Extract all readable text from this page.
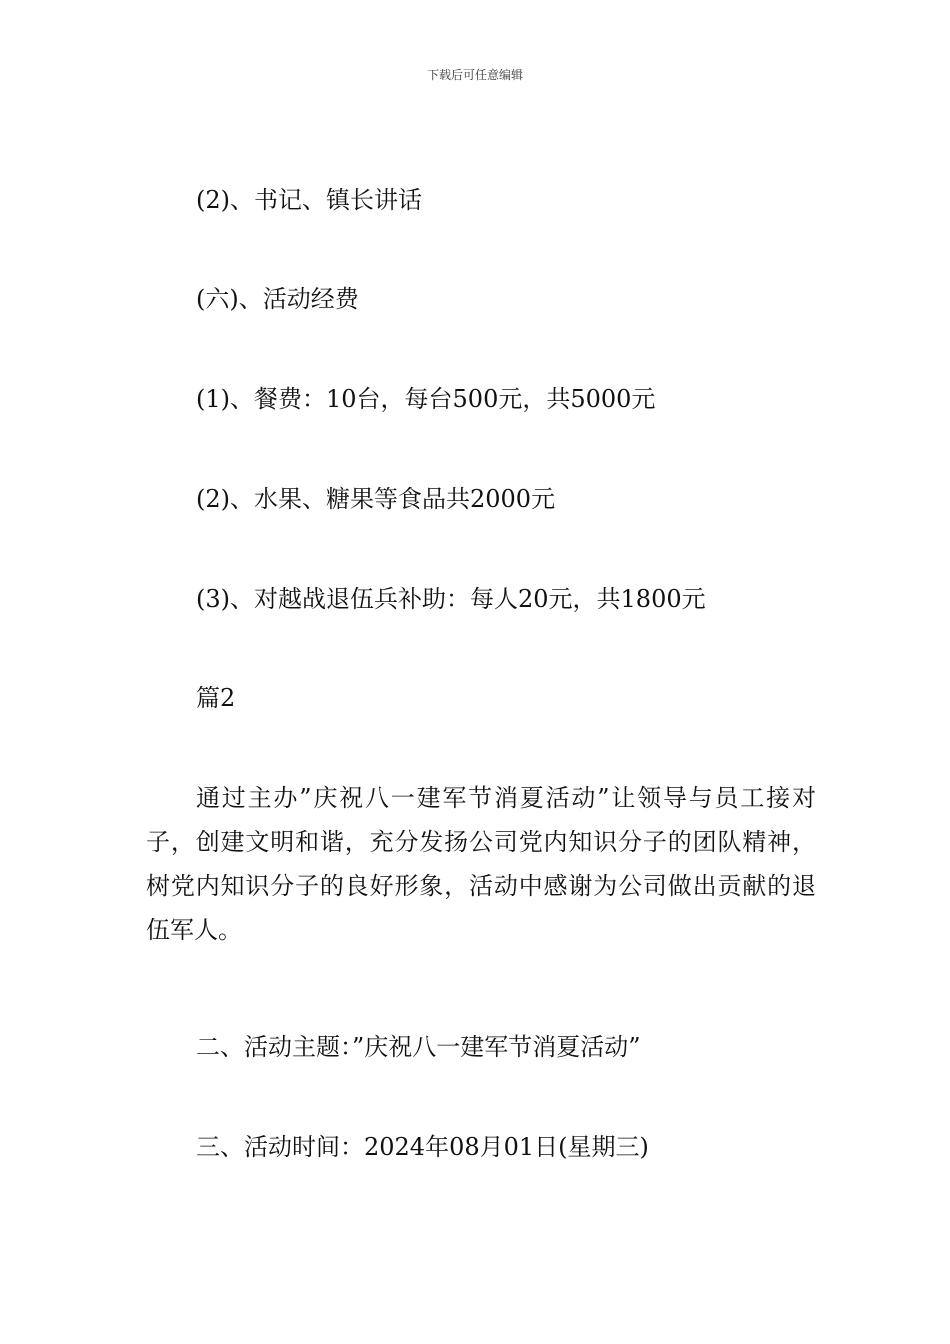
下载后可任意编辑
(2)、书记、镇长讲话
(六)、活动经费
(1)、餐费：10台，每台500元，共5000元
(2)、水果、糖果等食品共2000元
(3)、对越战退伍兵补助：每人20元，共1800元
篇2
通过主办”庆祝八一建军节消夏活动”让领导与员工接对子，创建文明和谐，充分发扬公司党内知识分子的团队精神，树党内知识分子的良好形象，活动中感谢为公司做出贡献的退伍军人。
二、活动主题：”庆祝八一建军节消夏活动”
三、活动时间：2024年08月01日(星期三)
